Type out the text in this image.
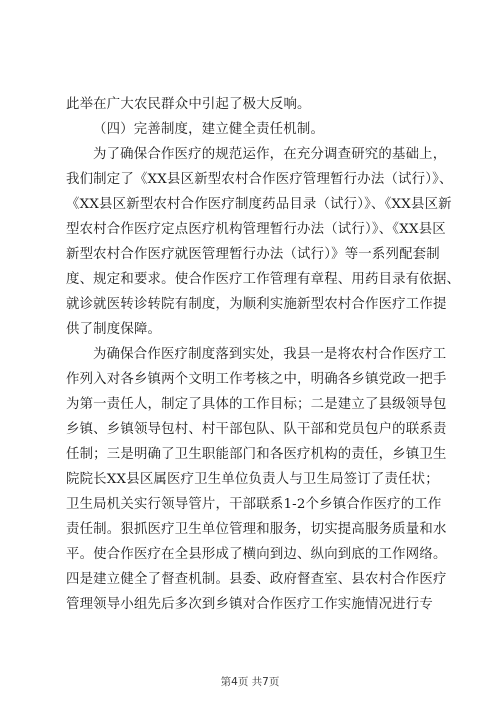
此举在广大农民群众中引起了极大反响。
（四）完善制度，建立健全责任机制。
为了确保合作医疗的规范运作，在充分调查研究的基础上，
我们制定了《XX县区新型农村合作医疗管理暂行办法（试行）》、
《XX县区新型农村合作医疗制度药品目录（试行）》、《XX县区新
型农村合作医疗定点医疗机构管理暂行办法（试行）》、《XX县区
新型农村合作医疗就医管理暂行办法（试行）》等一系列配套制
度、规定和要求。使合作医疗工作管理有章程、用药目录有依据、
就诊就医转诊转院有制度，为顺利实施新型农村合作医疗工作提
供了制度保障。
为确保合作医疗制度落到实处，我县一是将农村合作医疗工
作列入对各乡镇两个文明工作考核之中，明确各乡镇党政一把手
为第一责任人，制定了具体的工作目标；二是建立了县级领导包
乡镇、乡镇领导包村、村干部包队、队干部和党员包户的联系责
任制；三是明确了卫生职能部门和各医疗机构的责任，乡镇卫生
院院长XX县区属医疗卫生单位负责人与卫生局签订了责任状；
卫生局机关实行领导管片，干部联系1-2个乡镇合作医疗的工作
责任制。狠抓医疗卫生单位管理和服务，切实提高服务质量和水
平。使合作医疗在全县形成了横向到边、纵向到底的工作网络。
四是建立健全了督查机制。县委、政府督查室、县农村合作医疗
管理领导小组先后多次到乡镇对合作医疗工作实施情况进行专
第4页 共7页
